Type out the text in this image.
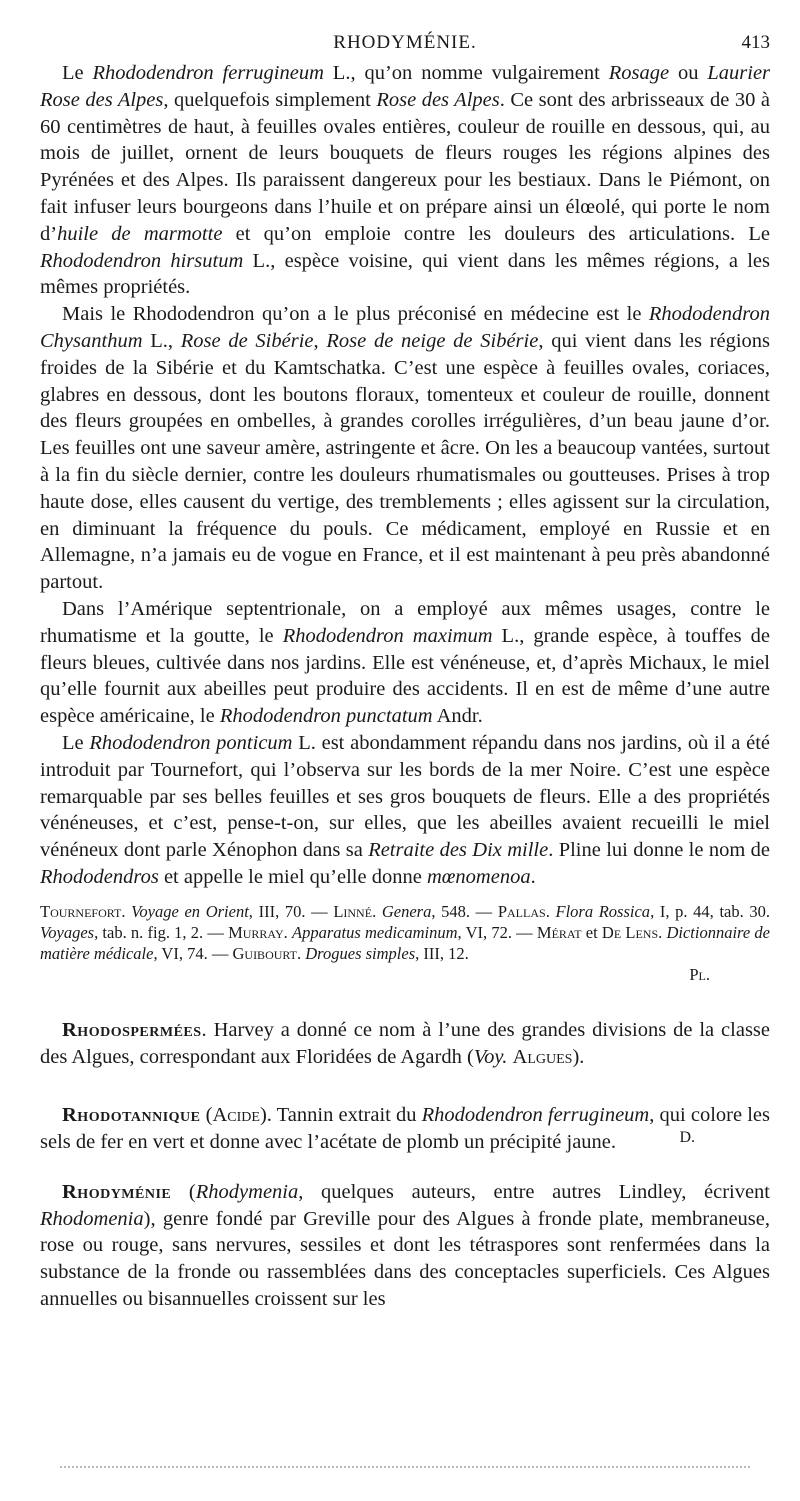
RHODYMÉNIE.	413

Le Rhododendron ferrugineum L., qu’on nomme vulgairement Rosage ou Laurier Rose des Alpes, quelquefois simplement Rose des Alpes. Ce sont des arbrisseaux de 30 à 60 centimètres de haut, à feuilles ovales entières, couleur de rouille en dessous, qui, au mois de juillet, ornent de leurs bouquets de fleurs rouges les régions alpines des Pyrénées et des Alpes. Ils paraissent dangereux pour les bestiaux. Dans le Piémont, on fait infuser leurs bourgeons dans l’huile et on prépare ainsi un élœolé, qui porte le nom d’huile de marmotte et qu’on emploie contre les douleurs des articulations. Le Rhododendron hirsutum L., espèce voisine, qui vient dans les mêmes régions, a les mêmes propriétés.

Mais le Rhododendron qu’on a le plus préconisé en médecine est le Rhododendron Chysanthum L., Rose de Sibérie, Rose de neige de Sibérie, qui vient dans les régions froides de la Sibérie et du Kamtschatka. C’est une espèce à feuilles ovales, coriaces, glabres en dessous, dont les boutons floraux, tomenteux et couleur de rouille, donnent des fleurs groupées en ombelles, à grandes corolles irrégulières, d’un beau jaune d’or. Les feuilles ont une saveur amère, astringente et âcre. On les a beaucoup vantées, surtout à la fin du siècle dernier, contre les douleurs rhumatismales ou goutteuses. Prises à trop haute dose, elles causent du vertige, des tremblements ; elles agissent sur la circulation, en diminuant la fréquence du pouls. Ce médicament, employé en Russie et en Allemagne, n’a jamais eu de vogue en France, et il est maintenant à peu près abandonné partout.

Dans l’Amérique septentrionale, on a employé aux mêmes usages, contre le rhumatisme et la goutte, le Rhododendron maximum L., grande espèce, à touffes de fleurs bleues, cultivée dans nos jardins. Elle est vénéneuse, et, d’après Michaux, le miel qu’elle fournit aux abeilles peut produire des accidents. Il en est de même d’une autre espèce américaine, le Rhododendron punctatum Andr.

Le Rhododendron ponticum L. est abondamment répandu dans nos jardins, où il a été introduit par Tournefort, qui l’observa sur les bords de la mer Noire. C’est une espèce remarquable par ses belles feuilles et ses gros bouquets de fleurs. Elle a des propriétés vénéneuses, et c’est, pense-t-on, sur elles, que les abeilles avaient recueilli le miel vénéneux dont parle Xénophon dans sa Retraite des Dix mille. Pline lui donne le nom de Rhododendros et appelle le miel qu’elle donne mœnomenoa.

Tournefort. Voyage en Orient, III, 70. — Linné. Genera, 548. — Pallas. Flora Rossica, I, p. 44, tab. 30. Voyages, tab. n. fig. 1, 2. — Murray. Apparatus medicaminum, VI, 72. — Mérat et De Lens. Dictionnaire de matière médicale, VI, 74. — Guibourt. Drogues simples, III, 12.
Pl.

Rhodospermées. Harvey a donné ce nom à l’une des grandes divisions de la classe des Algues, correspondant aux Floridées de Agardh (Voy. Algues).

Rhodotannique (Acide). Tannin extrait du Rhododendron ferrugineum, qui colore les sels de fer en vert et donne avec l’acétate de plomb un précipité jaune.	D.

Rhodyménie (Rhodymenia, quelques auteurs, entre autres Lindley, écrivent Rhodomenia), genre fondé par Greville pour des Algues à fronde plate, membraneuse, rose ou rouge, sans nervures, sessiles et dont les tétraspores sont renfermées dans la substance de la fronde ou rassemblées dans des conceptacles superficiels. Ces Algues annuelles ou bisannuelles croissent sur les
